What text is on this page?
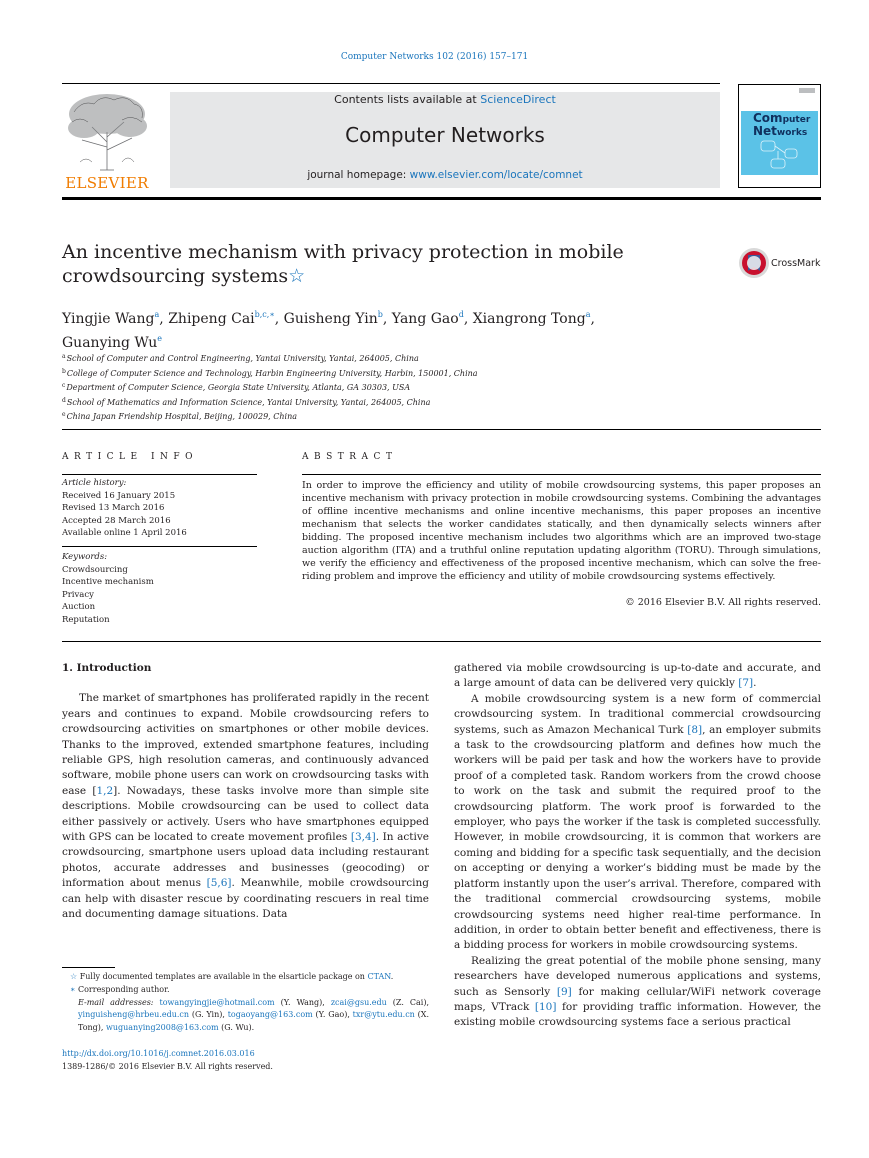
Computer Networks 102 (2016) 157–171
ELSEVIER
Contents lists available at ScienceDirect
Computer Networks
journal homepage: www.elsevier.com/locate/comnet
Computer
Networks
An incentive mechanism with privacy protection in mobile crowdsourcing systems☆
CrossMark
Yingjie Wang$^a$, Zhipeng Cai$^{b,c,∗}$, Guisheng Yin$^b$, Yang Gao$^d$, Xiangrong Tong$^a$,
Guanying Wu$^e$
$^a$School of Computer and Control Engineering, Yantai University, Yantai, 264005, China
$^b$College of Computer Science and Technology, Harbin Engineering University, Harbin, 150001, China
$^c$Department of Computer Science, Georgia State University, Atlanta, GA 30303, USA
$^d$School of Mathematics and Information Science, Yantai University, Yantai, 264005, China
$^e$China Japan Friendship Hospital, Beijing, 100029, China
ARTICLE INFO
Article history:
Received 16 January 2015
Revised 13 March 2016
Accepted 28 March 2016
Available online 1 April 2016
Keywords:
Crowdsourcing
Incentive mechanism
Privacy
Auction
Reputation
ABSTRACT
In order to improve the efficiency and utility of mobile crowdsourcing systems, this paper proposes an incentive mechanism with privacy protection in mobile crowdsourcing systems. Combining the advantages of offline incentive mechanisms and online incentive mechanisms, this paper proposes an incentive mechanism that selects the worker candidates statically, and then dynamically selects winners after bidding. The proposed incentive mechanism includes two algorithms which are an improved two-stage auction algorithm (ITA) and a truthful online reputation updating algorithm (TORU). Through simulations, we verify the efficiency and effectiveness of the proposed incentive mechanism, which can solve the free-riding problem and improve the efficiency and utility of mobile crowdsourcing systems effectively.
© 2016 Elsevier B.V. All rights reserved.
1. Introduction
The market of smartphones has proliferated rapidly in the recent years and continues to expand. Mobile crowdsourcing refers to crowdsourcing activities on smartphones or other mobile devices. Thanks to the improved, extended smartphone features, including reliable GPS, high resolution cameras, and continuously advanced software, mobile phone users can work on crowdsourcing tasks with ease [1,2]. Nowadays, these tasks involve more than simple site descriptions. Mobile crowdsourcing can be used to collect data either passively or actively. Users who have smartphones equipped with GPS can be located to create movement profiles [3,4]. In active crowdsourcing, smartphone users upload data including restaurant photos, accurate addresses and businesses (geocoding) or information about menus [5,6]. Meanwhile, mobile crowdsourcing can help with disaster rescue by coordinating rescuers in real time and documenting damage situations. Data
gathered via mobile crowdsourcing is up-to-date and accurate, and a large amount of data can be delivered very quickly [7].
A mobile crowdsourcing system is a new form of commercial crowdsourcing system. In traditional commercial crowdsourcing systems, such as Amazon Mechanical Turk [8], an employer submits a task to the crowdsourcing platform and defines how much the workers will be paid per task and how the workers have to provide proof of a completed task. Random workers from the crowd choose to work on the task and submit the required proof to the crowdsourcing platform. The work proof is forwarded to the employer, who pays the worker if the task is completed successfully. However, in mobile crowdsourcing, it is common that workers are coming and bidding for a specific task sequentially, and the decision on accepting or denying a worker’s bidding must be made by the platform instantly upon the user’s arrival. Therefore, compared with the traditional commercial crowdsourcing systems, mobile crowdsourcing systems need higher real-time performance. In addition, in order to obtain better benefit and effectiveness, there is a bidding process for workers in mobile crowdsourcing systems.
Realizing the great potential of the mobile phone sensing, many researchers have developed numerous applications and systems, such as Sensorly [9] for making cellular/WiFi network coverage maps, VTrack [10] for providing traffic information. However, the existing mobile crowdsourcing systems face a serious practical
☆ Fully documented templates are available in the elsarticle package on CTAN.
∗ Corresponding author.
E-mail addresses: towangyingjie@hotmail.com (Y. Wang), zcai@gsu.edu (Z. Cai), yinguisheng@hrbeu.edu.cn (G. Yin), togaoyang@163.com (Y. Gao), txr@ytu.edu.cn (X. Tong), wuguanying2008@163.com (G. Wu).
http://dx.doi.org/10.1016/j.comnet.2016.03.016
1389-1286/© 2016 Elsevier B.V. All rights reserved.
